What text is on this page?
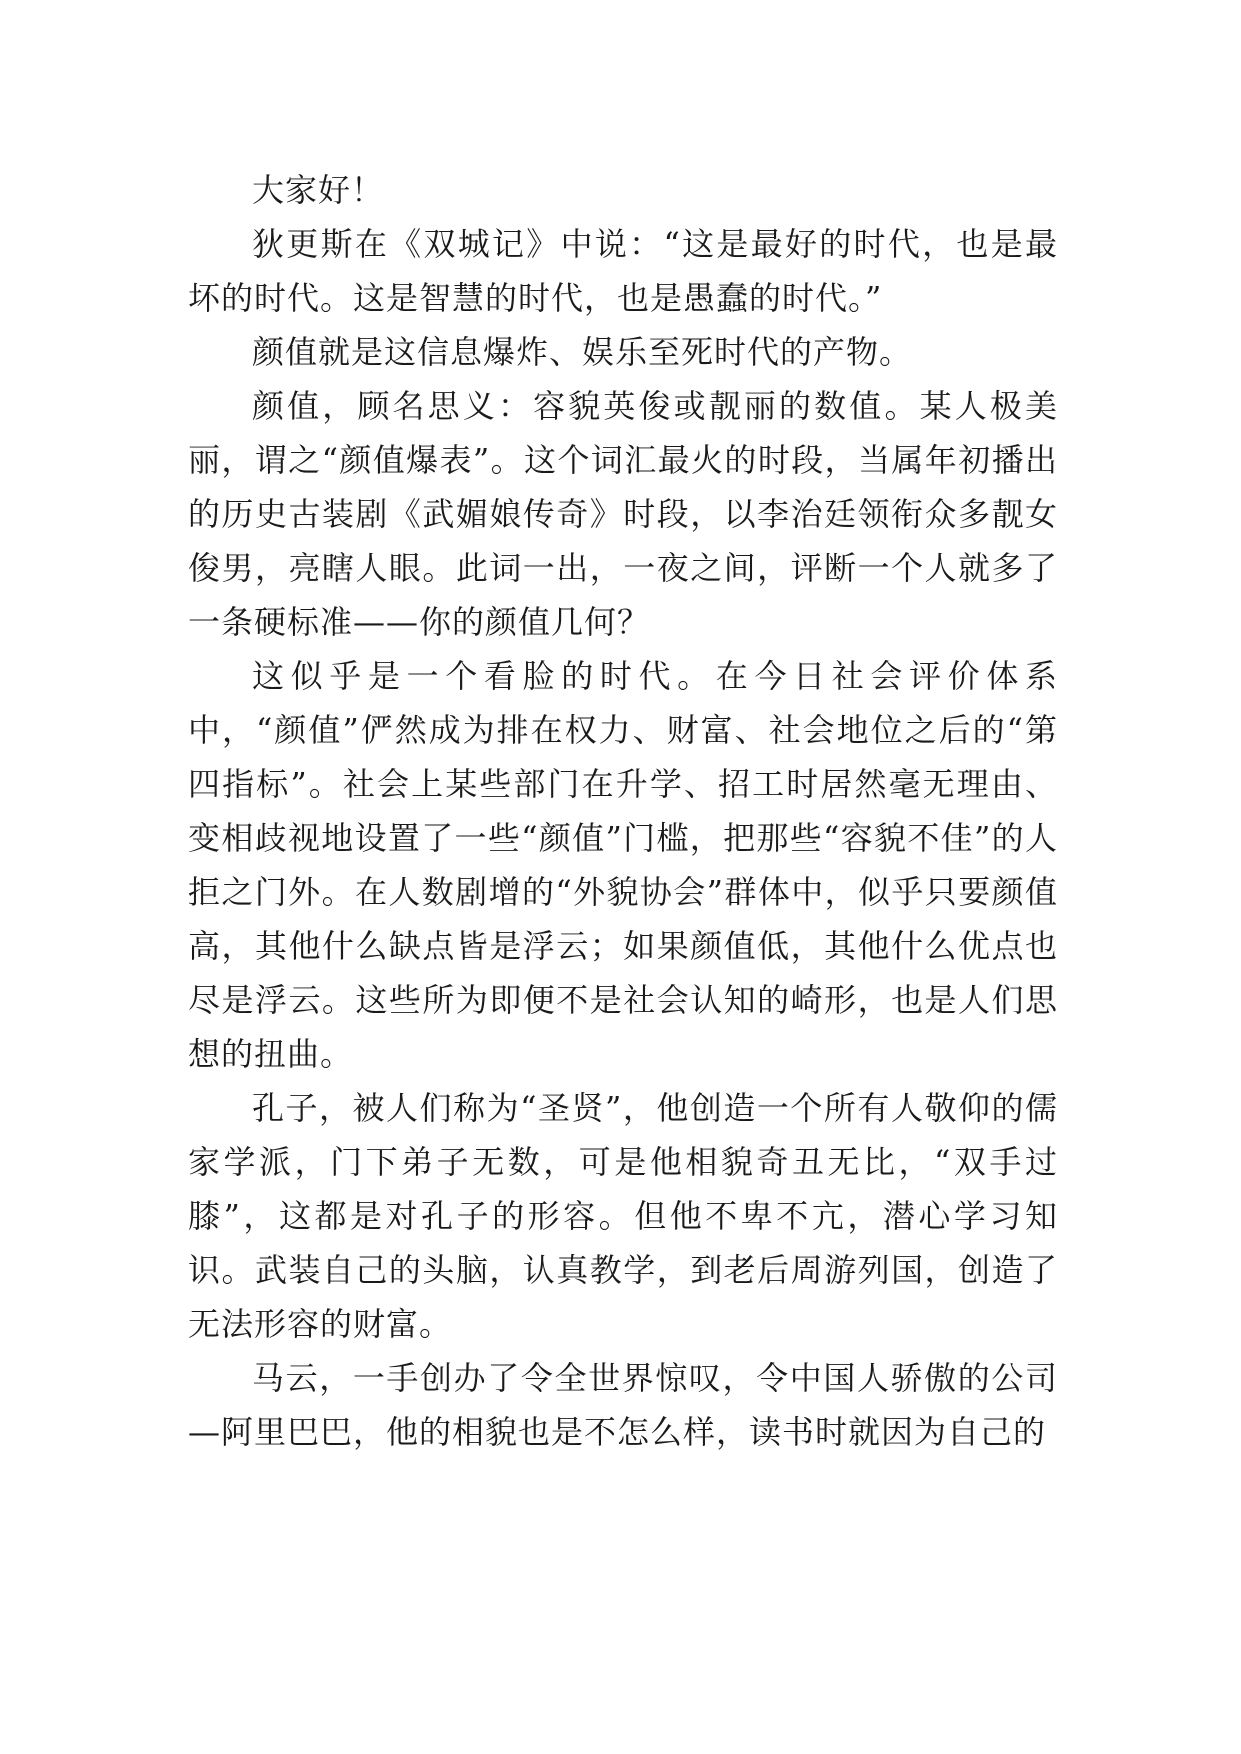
大家好！

狄更斯在《双城记》中说：“这是最好的时代，也是最坏的时代。这是智慧的时代，也是愚蠢的时代。”

颜值就是这信息爆炸、娱乐至死时代的产物。

颜值，顾名思义：容貌英俊或靓丽的数值。某人极美丽，谓之“颜值爆表”。这个词汇最火的时段，当属年初播出的历史古装剧《武媚娘传奇》时段，以李治廷领衔众多靓女俊男，亮瞎人眼。此词一出，一夜之间，评断一个人就多了一条硬标准——你的颜值几何？

这似乎是一个看脸的时代。在今日社会评价体系中，“颜值”俨然成为排在权力、财富、社会地位之后的“第四指标”。社会上某些部门在升学、招工时居然毫无理由、变相歧视地设置了一些“颜值”门槛，把那些“容貌不佳”的人拒之门外。在人数剧增的“外貌协会”群体中，似乎只要颜值高，其他什么缺点皆是浮云；如果颜值低，其他什么优点也尽是浮云。这些所为即便不是社会认知的崎形，也是人们思想的扭曲。

孔子，被人们称为“圣贤”，他创造一个所有人敬仰的儒家学派，门下弟子无数，可是他相貌奇丑无比，“双手过膝”，这都是对孔子的形容。但他不卑不亢，潜心学习知识。武装自己的头脑，认真教学，到老后周游列国，创造了无法形容的财富。

马云，一手创办了令全世界惊叹，令中国人骄傲的公司—阿里巴巴，他的相貌也是不怎么样，读书时就因为自己的
